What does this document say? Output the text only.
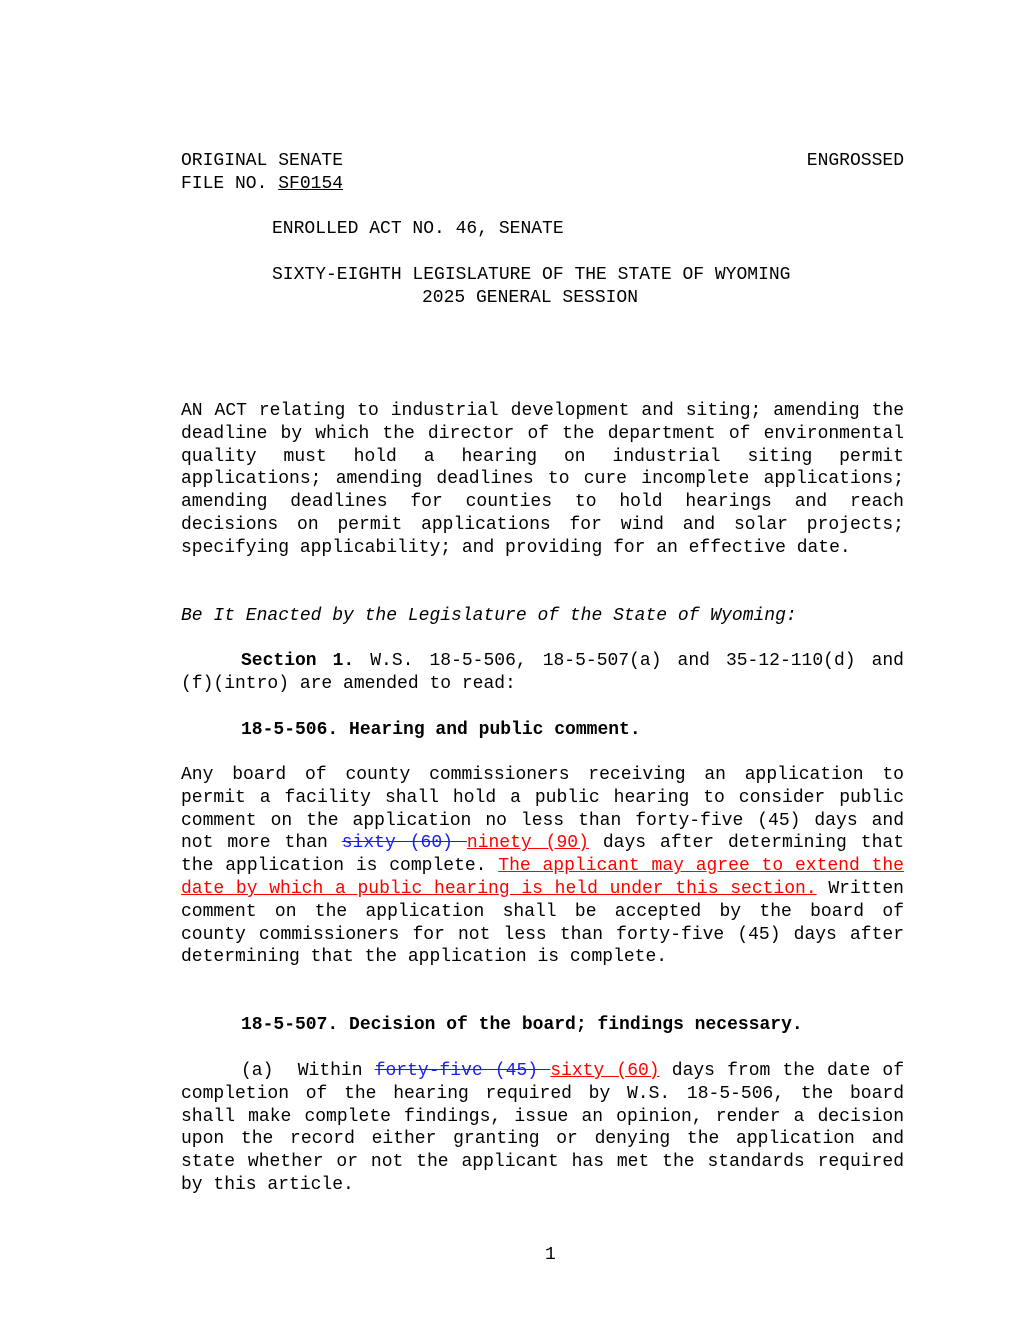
ORIGINAL SENATE	ENGROSSED
FILE NO. SF0154
ENROLLED ACT NO. 46, SENATE
SIXTY-EIGHTH LEGISLATURE OF THE STATE OF WYOMING
2025 GENERAL SESSION

AN ACT relating to industrial development and siting; amending the deadline by which the director of the department of environmental quality must hold a hearing on industrial siting permit applications; amending deadlines to cure incomplete applications; amending deadlines for counties to hold hearings and reach decisions on permit applications for wind and solar projects; specifying applicability; and providing for an effective date.

Be It Enacted by the Legislature of the State of Wyoming:

Section 1. W.S. 18-5-506, 18-5-507(a) and 35-12-110(d) and (f)(intro) are amended to read:

18-5-506. Hearing and public comment.

Any board of county commissioners receiving an application to permit a facility shall hold a public hearing to consider public comment on the application no less than forty-five (45) days and not more than sixty (60) ninety (90) days after determining that the application is complete. The applicant may agree to extend the date by which a public hearing is held under this section. Written comment on the application shall be accepted by the board of county commissioners for not less than forty-five (45) days after determining that the application is complete.

18-5-507. Decision of the board; findings necessary.

(a)  Within forty-five (45) sixty (60) days from the date of completion of the hearing required by W.S. 18-5-506, the board shall make complete findings, issue an opinion, render a decision upon the record either granting or denying the application and state whether or not the applicant has met the standards required by this article.

1
